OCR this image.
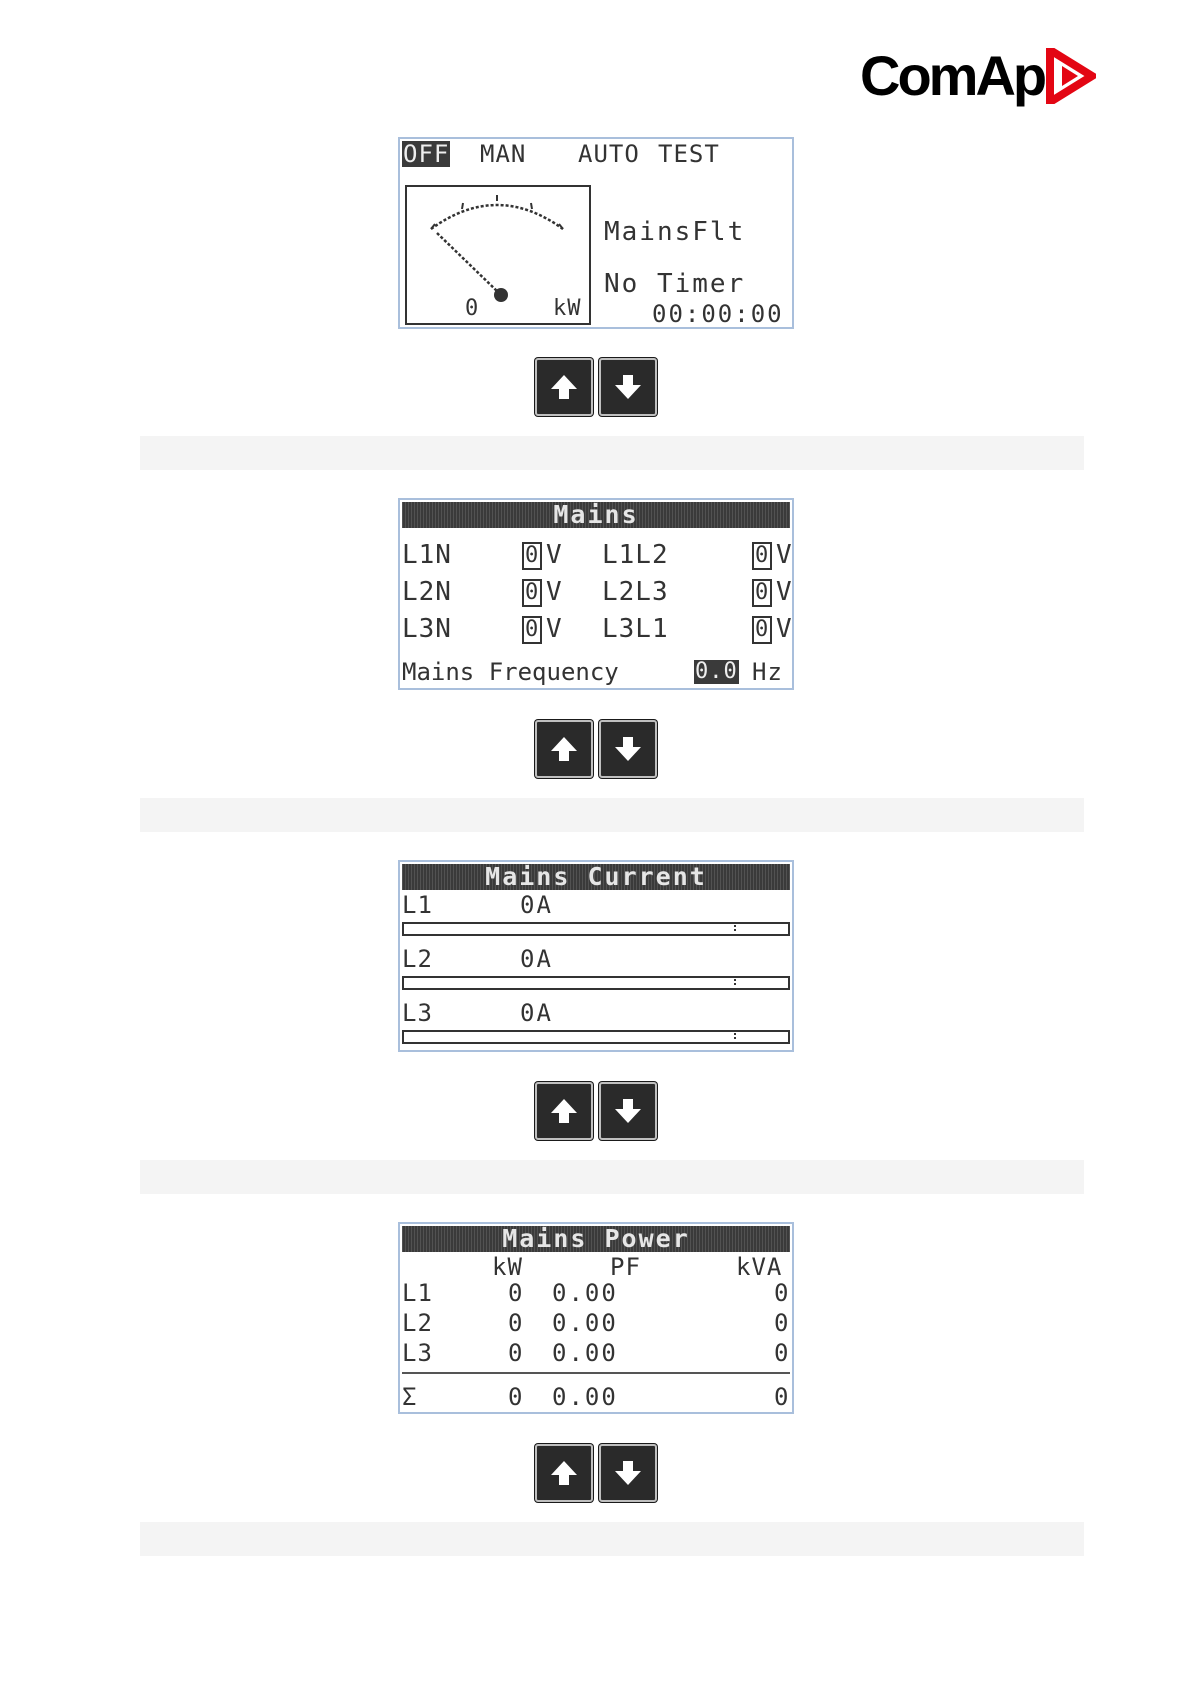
ComAp
OFF MAN AUTO TEST
0	kW
MainsFlt
No Timer
00:00:00
Mains
L1N	0 V L1L2	0 V
L2N	0 V L2L3	0 V
L3N	0 V L3L1	0 V
Mains Frequency	0.0 Hz
Mains Current
L1	0A
L2	0A
L3	0A
Mains Power
kW	PF	kVA
L1	0 0.00	0
L2	0 0.00	0
L3	0 0.00	0
Σ	0 0.00	0
